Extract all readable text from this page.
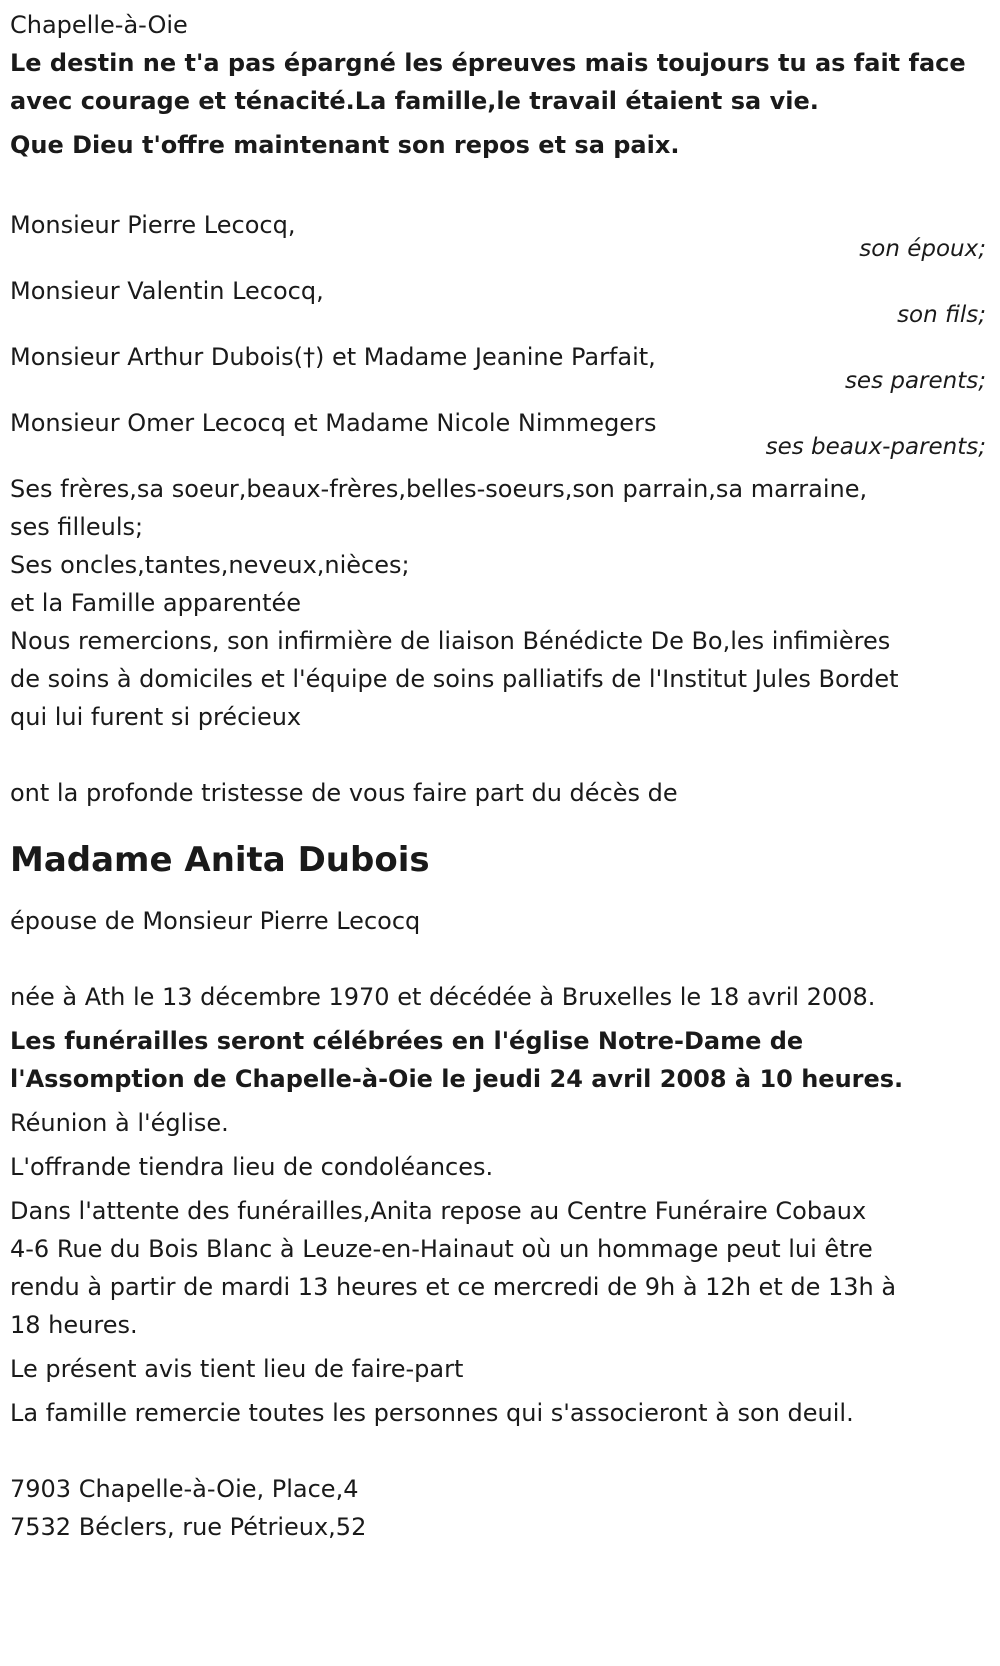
Chapelle-à-Oie
Le destin ne t'a pas épargné les épreuves mais toujours tu as fait face
avec courage et ténacité.La famille,le travail étaient sa vie.
Que Dieu t'offre maintenant son repos et sa paix.
Monsieur Pierre Lecocq,
son époux;
Monsieur Valentin Lecocq,
son fils;
Monsieur Arthur Dubois(†) et Madame Jeanine Parfait,
ses parents;
Monsieur Omer Lecocq et Madame Nicole Nimmegers
ses beaux-parents;
Ses frères,sa soeur,beaux-frères,belles-soeurs,son parrain,sa marraine,
ses filleuls;
Ses oncles,tantes,neveux,nièces;
et la Famille apparentée
Nous remercions, son infirmière de liaison Bénédicte De Bo,les infimières
de soins à domiciles et l'équipe de soins palliatifs de l'Institut Jules Bordet
qui lui furent si précieux
ont la profonde tristesse de vous faire part du décès de
Madame Anita Dubois
épouse de Monsieur Pierre Lecocq
née à Ath le 13 décembre 1970 et décédée à Bruxelles le 18 avril 2008.
Les funérailles seront célébrées en l'église Notre-Dame de
l'Assomption de Chapelle-à-Oie le jeudi 24 avril 2008 à 10 heures.
Réunion à l'église.
L'offrande tiendra lieu de condoléances.
Dans l'attente des funérailles,Anita repose au Centre Funéraire Cobaux
4-6 Rue du Bois Blanc à Leuze-en-Hainaut où un hommage peut lui être
rendu à partir de mardi 13 heures et ce mercredi de 9h à 12h et de 13h à
18 heures.
Le présent avis tient lieu de faire-part
La famille remercie toutes les personnes qui s'associeront à son deuil.
7903 Chapelle-à-Oie, Place,4
7532 Béclers, rue Pétrieux,52
